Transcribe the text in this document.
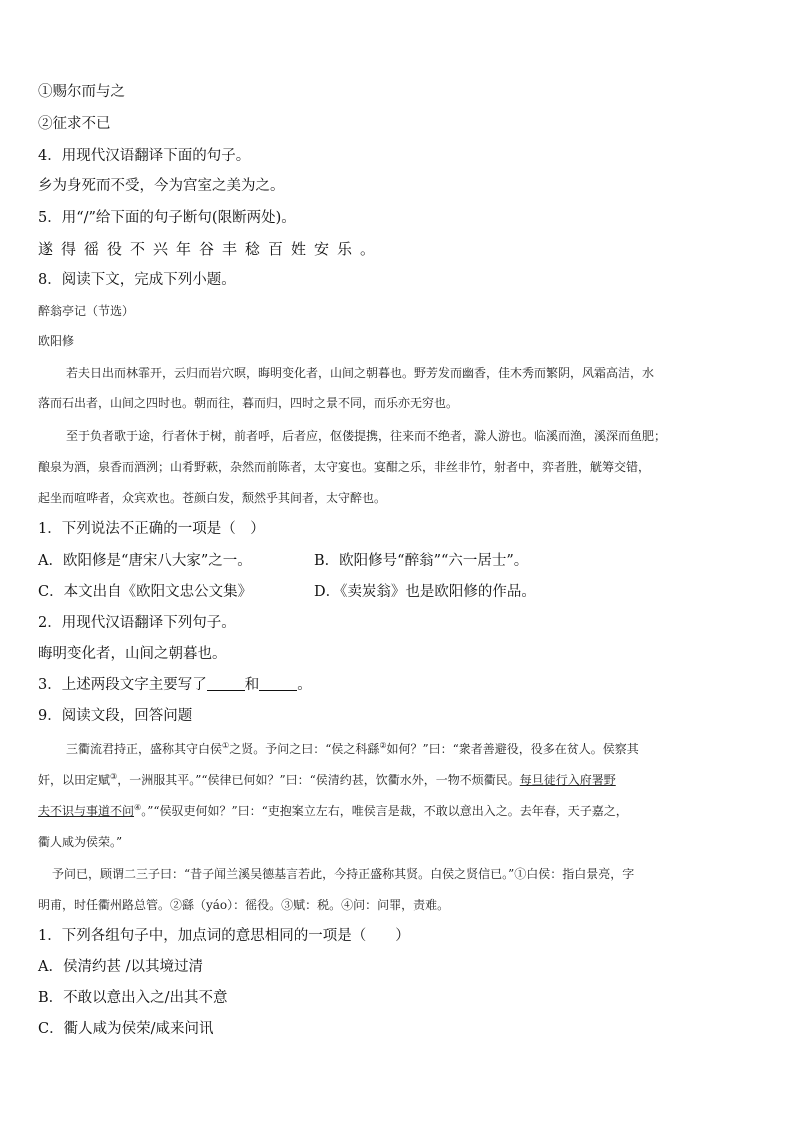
①赐尔而与之
②征求不已
4．用现代汉语翻译下面的句子。
乡为身死而不受，今为宫室之美为之。
5．用“/”给下面的句子断句(限断两处)。
遂得徭役不兴年谷丰稔百姓安乐。
8．阅读下文，完成下列小题。
醉翁亭记（节选）
欧阳修
若夫日出而林霏开，云归而岩穴暝，晦明变化者，山间之朝暮也。野芳发而幽香，佳木秀而繁阴，风霜高洁，水
落而石出者，山间之四时也。朝而往，暮而归，四时之景不同，而乐亦无穷也。
至于负者歌于途，行者休于树，前者呼，后者应，伛偻提携，往来而不绝者，滁人游也。临溪而渔，溪深而鱼肥；
酿泉为酒，泉香而酒洌；山肴野蔌，杂然而前陈者，太守宴也。宴酣之乐，非丝非竹，射者中，弈者胜，觥筹交错，
起坐而喧哗者，众宾欢也。苍颜白发，颓然乎其间者，太守醉也。
1．下列说法不正确的一项是（　）
A．欧阳修是“唐宋八大家”之一。	B．欧阳修号“醉翁”“六一居士”。
C．本文出自《欧阳文忠公文集》	D．《卖炭翁》也是欧阳修的作品。
2．用现代汉语翻译下列句子。
晦明变化者，山间之朝暮也。
3．上述两段文字主要写了	和	。
9．阅读文段，回答问题
三衢流君持正，盛称其守白侯①之贤。予问之曰：“侯之科繇②如何？”曰：“衆者善避役，役多在贫人。侯察其
奸，以田定赋③，一洲服其平。”“侯律已何如？”曰：“侯清约甚，饮衢水外，一物不烦衢民。每旦徒行入府署野
夫不识与事道不问④。”“侯驭吏何如？”曰：“吏抱案立左右，唯侯言是裁，不敢以意出入之。去年春，天子嘉之，
衢人咸为侯荣。”
予问已，顾谓二三子曰：“昔子闻兰溪吴德基言若此，今持正盛称其贤。白侯之贤信已。”①白侯：指白景亮，字
明甫，时任衢州路总管。②繇（yáo）：徭役。③赋：税。④问：问罪，责难。
1．下列各组句子中，加点词的意思相同的一项是（　　）
A．侯清约甚 /以其境过清
B．不敢以意出入之/出其不意
C．衢人咸为侯荣/咸来问讯
